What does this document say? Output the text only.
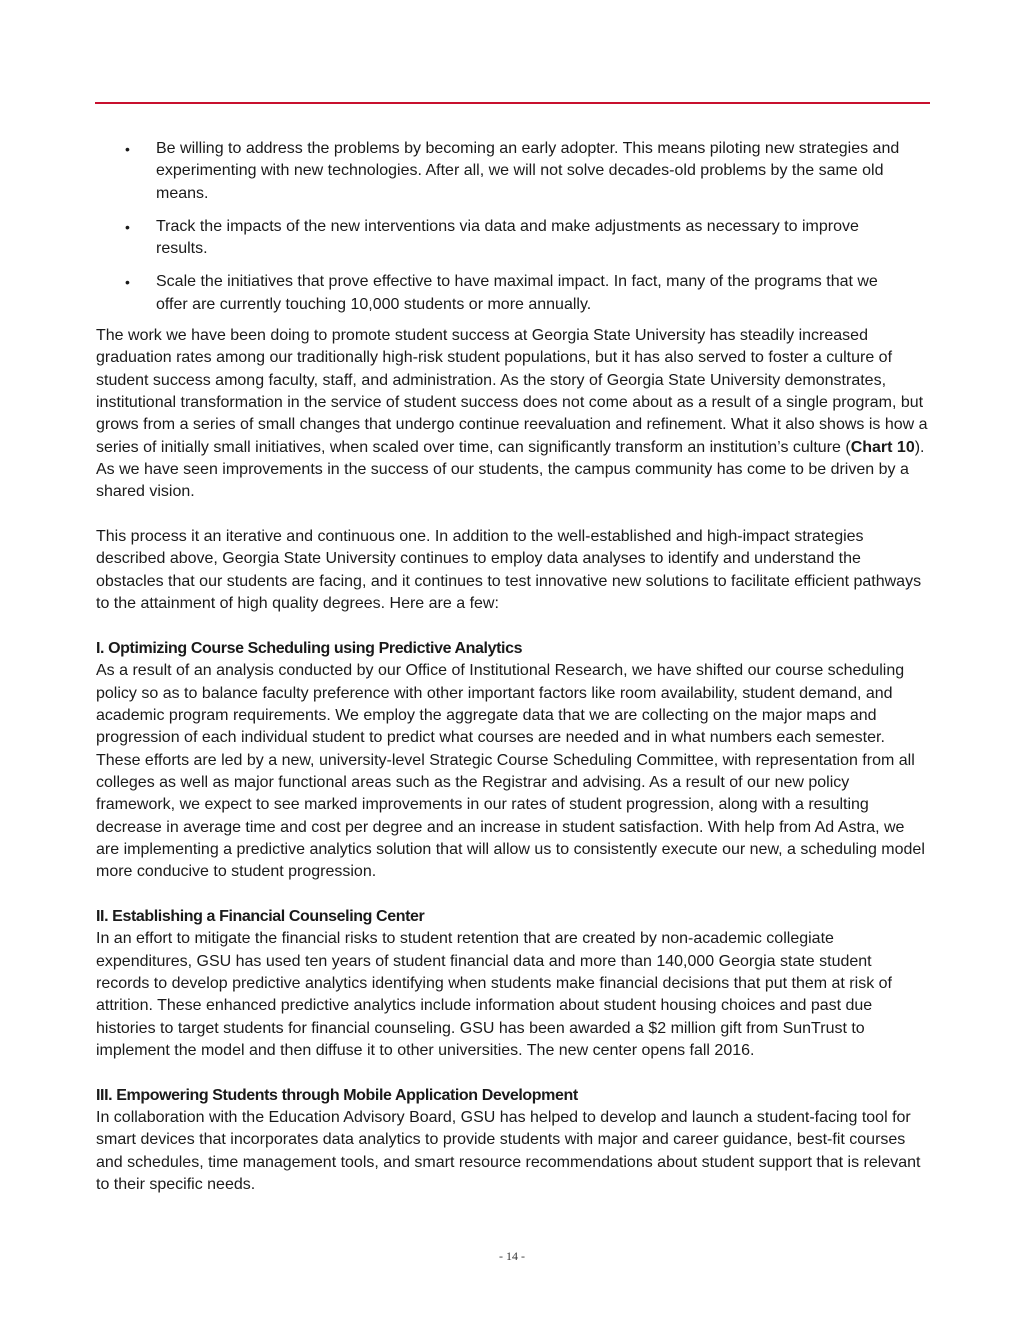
• Be willing to address the problems by becoming an early adopter. This means piloting new strategies and experimenting with new technologies. After all, we will not solve decades-old problems by the same old means.
• Track the impacts of the new interventions via data and make adjustments as necessary to improve results.
• Scale the initiatives that prove effective to have maximal impact. In fact, many of the programs that we offer are currently touching 10,000 students or more annually.

The work we have been doing to promote student success at Georgia State University has steadily increased graduation rates among our traditionally high-risk student populations, but it has also served to foster a culture of student success among faculty, staff, and administration. As the story of Georgia State University demonstrates, institutional transformation in the service of student success does not come about as a result of a single program, but grows from a series of small changes that undergo continue reevaluation and refinement. What it also shows is how a series of initially small initiatives, when scaled over time, can significantly transform an institution’s culture (Chart 10). As we have seen improvements in the success of our students, the campus community has come to be driven by a shared vision.

This process it an iterative and continuous one. In addition to the well-established and high-impact strategies described above, Georgia State University continues to employ data analyses to identify and understand the obstacles that our students are facing, and it continues to test innovative new solutions to facilitate efficient pathways to the attainment of high quality degrees. Here are a few:

I. Optimizing Course Scheduling using Predictive Analytics

As a result of an analysis conducted by our Office of Institutional Research, we have shifted our course scheduling policy so as to balance faculty preference with other important factors like room availability, student demand, and academic program requirements. We employ the aggregate data that we are collecting on the major maps and progression of each individual student to predict what courses are needed and in what numbers each semester. These efforts are led by a new, university-level Strategic Course Scheduling Committee, with representation from all colleges as well as major functional areas such as the Registrar and advising. As a result of our new policy framework, we expect to see marked improvements in our rates of student progression, along with a resulting decrease in average time and cost per degree and an increase in student satisfaction. With help from Ad Astra, we are implementing a predictive analytics solution that will allow us to consistently execute our new, a scheduling model more conducive to student progression.

II. Establishing a Financial Counseling Center

In an effort to mitigate the financial risks to student retention that are created by non-academic collegiate expenditures, GSU has used ten years of student financial data and more than 140,000 Georgia state student records to develop predictive analytics identifying when students make financial decisions that put them at risk of attrition. These enhanced predictive analytics include information about student housing choices and past due histories to target students for financial counseling. GSU has been awarded a $2 million gift from SunTrust to implement the model and then diffuse it to other universities. The new center opens fall 2016.

III. Empowering Students through Mobile Application Development

In collaboration with the Education Advisory Board, GSU has helped to develop and launch a student-facing tool for smart devices that incorporates data analytics to provide students with major and career guidance, best-fit courses and schedules, time management tools, and smart resource recommendations about student support that is relevant to their specific needs.

- 14 -
